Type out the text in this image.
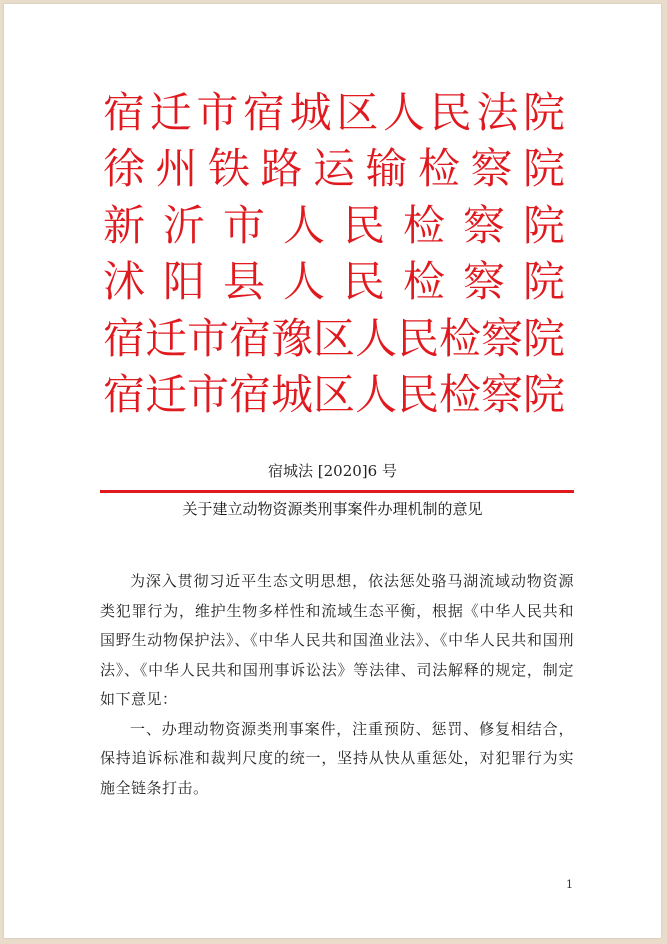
宿 迁 市 宿 城 区 人 民 法 院
徐 州 铁 路 运 输 检 察 院
新 沂 市 人 民 检 察 院
沭 阳 县 人 民 检 察 院
宿 迁 市 宿 豫 区 人 民 检 察 院
宿 迁 市 宿 城 区 人 民 检 察 院
宿城法 [2020]6 号
关于建立动物资源类刑事案件办理机制的意见

为深入贯彻习近平生态文明思想，依法惩处骆马湖流域动物资源类犯罪行为，维护生物多样性和流域生态平衡，根据《中华人民共和国野生动物保护法》、《中华人民共和国渔业法》、《中华人民共和国刑法》、《中华人民共和国刑事诉讼法》等法律、司法解释的规定，制定如下意见：

一、办理动物资源类刑事案件，注重预防、惩罚、修复相结合，保持追诉标准和裁判尺度的统一，坚持从快从重惩处，对犯罪行为实施全链条打击。

1
